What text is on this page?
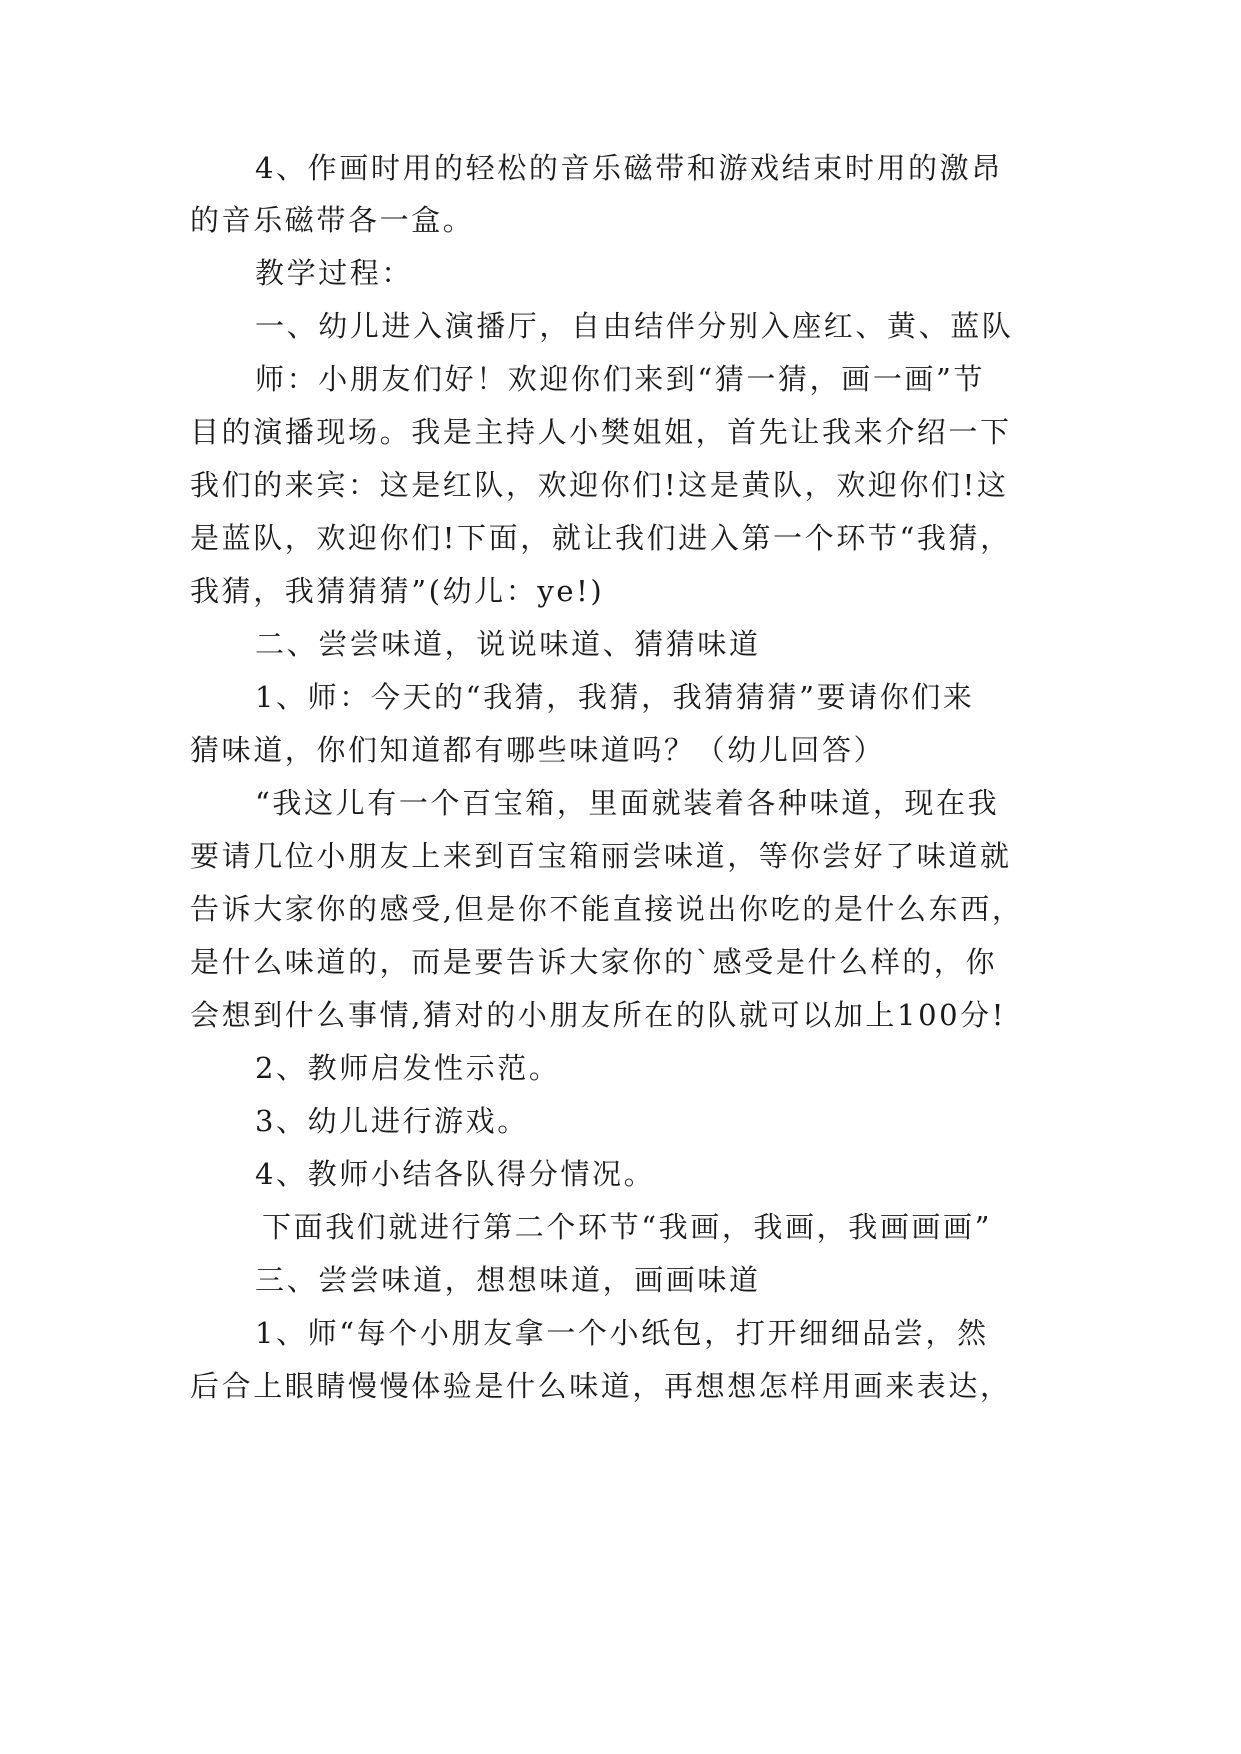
4、作画时用的轻松的音乐磁带和游戏结束时用的激昂
的音乐磁带各一盒。
教学过程：
一、幼儿进入演播厅，自由结伴分别入座红、黄、蓝队
师：小朋友们好！欢迎你们来到“猜一猜，画一画”节
目的演播现场。我是主持人小樊姐姐，首先让我来介绍一下
我们的来宾：这是红队，欢迎你们!这是黄队，欢迎你们!这
是蓝队，欢迎你们!下面，就让我们进入第一个环节“我猜，
我猜，我猜猜猜”(幼儿：ye!)
二、尝尝味道，说说味道、猜猜味道
1、师：今天的“我猜，我猜，我猜猜猜”要请你们来
猜味道，你们知道都有哪些味道吗？（幼儿回答）
“我这儿有一个百宝箱，里面就装着各种味道，现在我
要请几位小朋友上来到百宝箱丽尝味道，等你尝好了味道就
告诉大家你的感受,但是你不能直接说出你吃的是什么东西，
是什么味道的，而是要告诉大家你的`感受是什么样的，你
会想到什么事情,猜对的小朋友所在的队就可以加上100分!
2、教师启发性示范。
3、幼儿进行游戏。
4、教师小结各队得分情况。
下面我们就进行第二个环节“我画，我画，我画画画”
三、尝尝味道，想想味道，画画味道
1、师“每个小朋友拿一个小纸包，打开细细品尝，然
后合上眼睛慢慢体验是什么味道，再想想怎样用画来表达，
